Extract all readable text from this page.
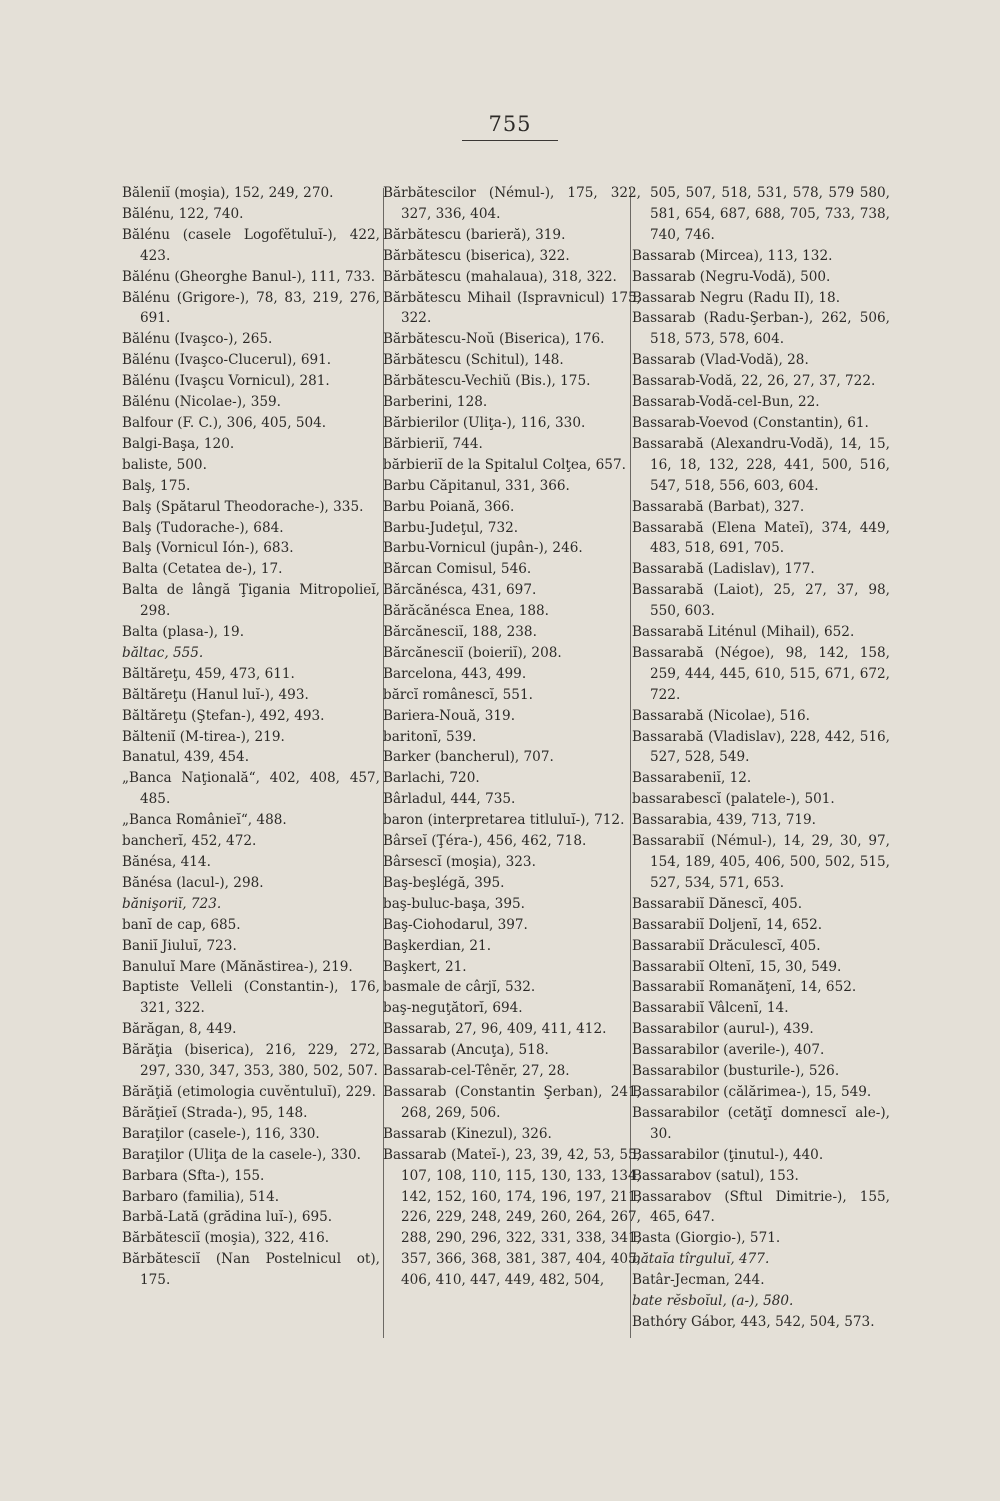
755
Băleniĭ (moşia), 152, 249, 270.
Bălénu, 122, 740.
Bălénu (casele Logofĕtuluĭ-), 422, 423.
Bălénu (Gheorghe Banul-), 111, 733.
Bălénu (Grigore-), 78, 83, 219, 276, 691.
Bălénu (Ivaşco-), 265.
Bălénu (Ivaşco-Clucerul), 691.
Bălénu (Ivaşcu Vornicul), 281.
Bălénu (Nicolae-), 359.
Balfour (F. C.), 306, 405, 504.
Balgi-Başa, 120.
baliste, 500.
Balş, 175.
Balş (Spătarul Theodorache-), 335.
Balş (Tudorache-), 684.
Balş (Vornicul Iόn-), 683.
Balta (Cetatea de-), 17.
Balta de lângă Ţigania Mitropolieĭ, 298.
Balta (plasa-), 19.
băltac, 555.
Băltăreţu, 459, 473, 611.
Băltăreţu (Hanul luĭ-), 493.
Băltăreţu (Ştefan-), 492, 493.
Bălteniĭ (M-tirea-), 219.
Banatul, 439, 454.
„Banca Naţională“, 402, 408, 457, 485.
„Banca Românieĭ“, 488.
bancherĭ, 452, 472.
Bănésa, 414.
Bănésa (lacul-), 298.
bănişoriĭ, 723.
banĭ de cap, 685.
Baniĭ Jiuluĭ, 723.
Banuluĭ Mare (Mănăstirea-), 219.
Baptiste Velleli (Constantin-), 176, 321, 322.
Bărăgan, 8, 449.
Bărăţia (biserica), 216, 229, 272, 297, 330, 347, 353, 380, 502, 507.
Bărăţiă (etimologia cuvĕntuluĭ), 229.
Bărăţieĭ (Strada-), 95, 148.
Baraţilor (casele-), 116, 330.
Baraţilor (Uliţa de la casele-), 330.
Barbara (Sfta-), 155.
Barbaro (familia), 514.
Barbă-Lată (grădina luĭ-), 695.
Bărbătesciĭ (moşia), 322, 416.
Bărbătesciĭ (Nan Postelnicul ot), 175.
Bărbătescilor (Némul-), 175, 322, 327, 336, 404.
Bărbătescu (barieră), 319.
Bărbătescu (biserica), 322.
Bărbătescu (mahalaua), 318, 322.
Bărbătescu Mihail (Ispravnicul) 175, 322.
Bărbătescu-Noŭ (Biserica), 176.
Bărbătescu (Schitul), 148.
Bărbătescu-Vechiŭ (Bis.), 175.
Barberini, 128.
Bărbierilor (Uliţa-), 116, 330.
Bărbieriĭ, 744.
bărbieriĭ de la Spitalul Colţea, 657.
Barbu Căpitanul, 331, 366.
Barbu Poiană, 366.
Barbu-Judeţul, 732.
Barbu-Vornicul (jupân-), 246.
Bărcan Comisul, 546.
Bărcănésca, 431, 697.
Bărăcănésca Enea, 188.
Bărcănesciĭ, 188, 238.
Bărcănesciĭ (boieriĭ), 208.
Barcelona, 443, 499.
bărcĭ românescĭ, 551.
Bariera-Nouă, 319.
baritonĭ, 539.
Barker (bancherul), 707.
Barlachi, 720.
Bârladul, 444, 735.
baron (interpretarea titluluĭ-), 712.
Bârseĭ (Ţéra-), 456, 462, 718.
Bârsescĭ (moşia), 323.
Baş-beşlégă, 395.
baş-buluc-başa, 395.
Baş-Ciohodarul, 397.
Başkerdian, 21.
Başkert, 21.
basmale de cârjĭ, 532.
baş-neguţătorĭ, 694.
Bassarab, 27, 96, 409, 411, 412.
Bassarab (Ancuţa), 518.
Bassarab-cel-Tênĕr, 27, 28.
Bassarab (Constantin Şerban), 241, 268, 269, 506.
Bassarab (Kinezul), 326.
Bassarab (Mateĭ-), 23, 39, 42, 53, 55, 107, 108, 110, 115, 130, 133, 134, 142, 152, 160, 174, 196, 197, 211, 226, 229, 248, 249, 260, 264, 267, 288, 290, 296, 322, 331, 338, 341, 357, 366, 368, 381, 387, 404, 405, 406, 410, 447, 449, 482, 504,
505, 507, 518, 531, 578, 579 580, 581, 654, 687, 688, 705, 733, 738, 740, 746.
Bassarab (Mircea), 113, 132.
Bassarab (Negru-Vodă), 500.
Bassarab Negru (Radu II), 18.
Bassarab (Radu-Şerban-), 262, 506, 518, 573, 578, 604.
Bassarab (Vlad-Vodă), 28.
Bassarab-Vodă, 22, 26, 27, 37, 722.
Bassarab-Vodă-cel-Bun, 22.
Bassarab-Voevod (Constantin), 61.
Bassarabă (Alexandru-Vodă), 14, 15, 16, 18, 132, 228, 441, 500, 516, 547, 518, 556, 603, 604.
Bassarabă (Barbat), 327.
Bassarabă (Elena Mateĭ), 374, 449, 483, 518, 691, 705.
Bassarabă (Ladislav), 177.
Bassarabă (Laiot), 25, 27, 37, 98, 550, 603.
Bassarabă Liténul (Mihail), 652.
Bassarabă (Négoe), 98, 142, 158, 259, 444, 445, 610, 515, 671, 672, 722.
Bassarabă (Nicolae), 516.
Bassarabă (Vladislav), 228, 442, 516, 527, 528, 549.
Bassarabeniĭ, 12.
bassarabescĭ (palatele-), 501.
Bassarabia, 439, 713, 719.
Bassarabiĭ (Némul-), 14, 29, 30, 97, 154, 189, 405, 406, 500, 502, 515, 527, 534, 571, 653.
Bassarabiĭ Dănescĭ, 405.
Bassarabiĭ Doljenĭ, 14, 652.
Bassarabiĭ Drăculescĭ, 405.
Bassarabiĭ Oltenĭ, 15, 30, 549.
Bassarabiĭ Romanăţenĭ, 14, 652.
Bassarabiĭ Vâlcenĭ, 14.
Bassarabilor (aurul-), 439.
Bassarabilor (averile-), 407.
Bassarabilor (busturile-), 526.
Bassarabilor (călărimea-), 15, 549.
Bassarabilor (cetăţĭ domnescĭ ale-), 30.
Bassarabilor (ţinutul-), 440.
Bassarabov (satul), 153.
Bassarabov (Sftul Dimitrie-), 155, 465, 647.
Basta (Giorgio-), 571.
bătaĭa tîrguluĭ, 477.
Batâr-Jecman, 244.
bate rĕsboĭul, (a-), 580.
Bathóry Gábor, 443, 542, 504, 573.
